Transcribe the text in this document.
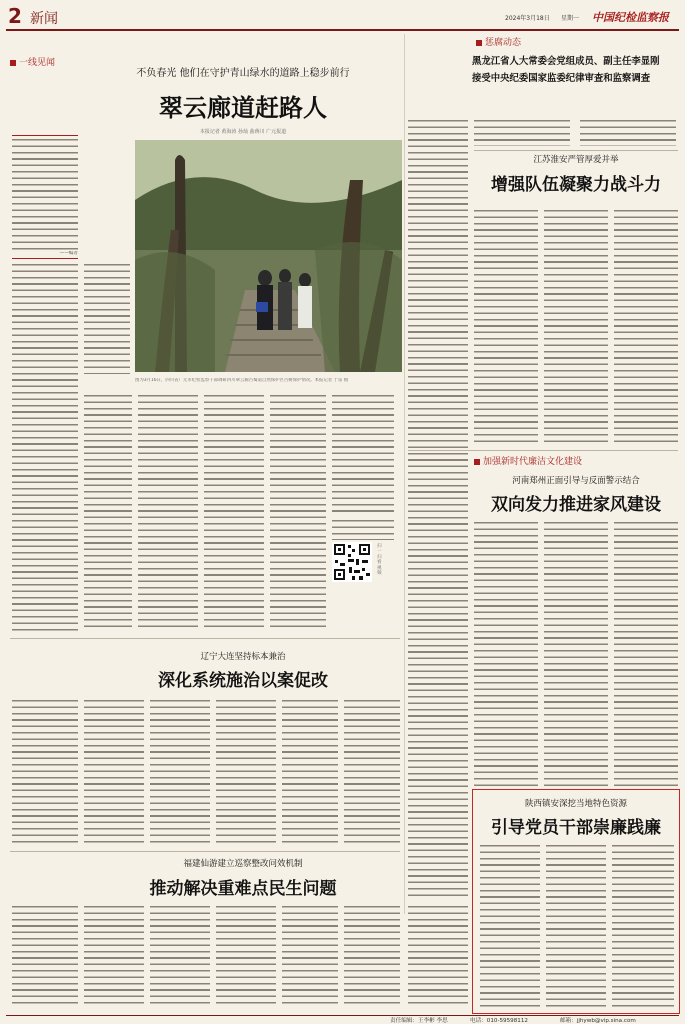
2 新闻	2024年3月18日 星期一 中国纪检监察报
一线见闻
不负春光 他们在守护青山绿水的道路上稳步前行
翠云廊道赶路人
本报记者 黄海涛 孙灿 曲蒋川 广元报道
——编者
图为3月16日，四川省广元市纪检监察干部调研四川翠云廊古蜀道自然保护区古树保护情况。本报记者 于雷 摄
扫一扫看视频
惩腐动态
黑龙江省人大常委会党组成员、副主任李显刚
接受中央纪委国家监委纪律审查和监察调查
江苏淮安严管厚爱并举
增强队伍凝聚力战斗力
加强新时代廉洁文化建设
河南郑州正面引导与反面警示结合
双向发力推进家风建设
陕西镇安深挖当地特色资源
引导党员干部崇廉践廉
辽宁大连坚持标本兼治
深化系统施治以案促改
福建仙游建立巡察整改问效机制
推动解决重难点民生问题
责任编辑：王李彬 李思	电话：010-59598112	邮箱：jjhywb@vip.sina.com
